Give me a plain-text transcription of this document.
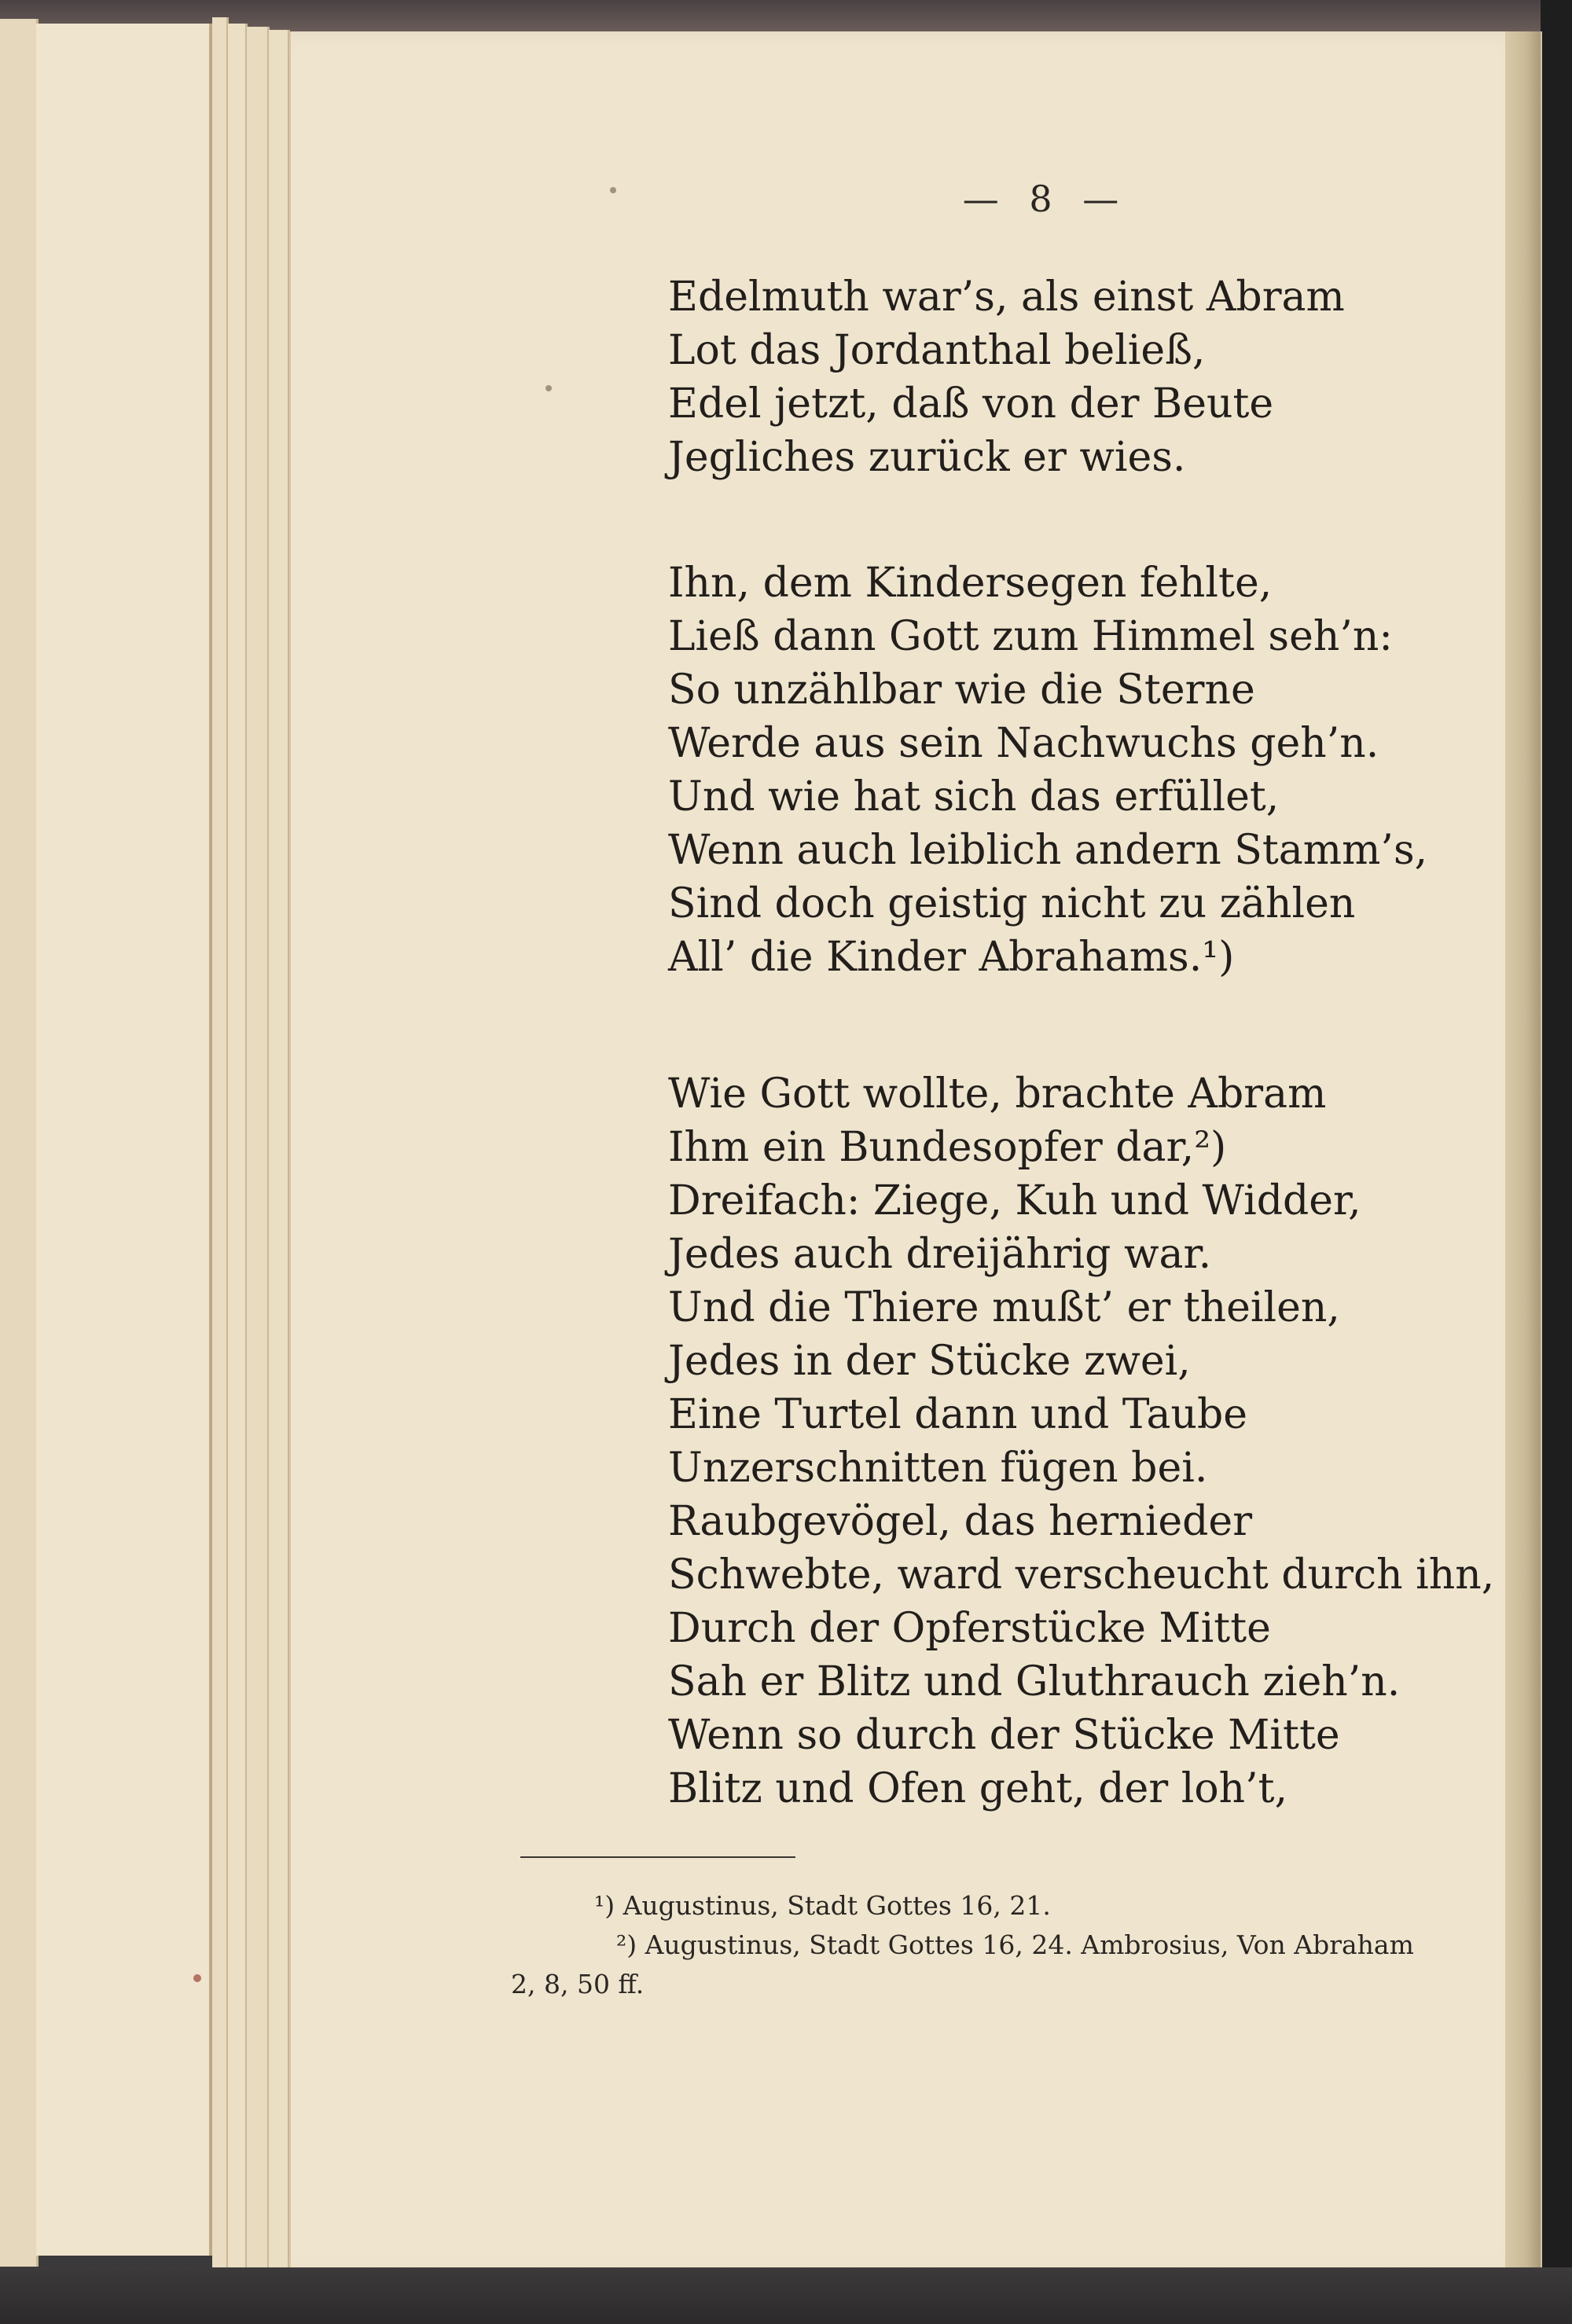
— 8 —
Edelmuth war’s, als einst Abram
Lot das Jordanthal beließ,
Edel jetzt, daß von der Beute
Jegliches zurück er wies.
Ihn, dem Kindersegen fehlte,
Ließ dann Gott zum Himmel seh’n:
So unzählbar wie die Sterne
Werde aus sein Nachwuchs geh’n.
Und wie hat sich das erfüllet,
Wenn auch leiblich andern Stamm’s,
Sind doch geistig nicht zu zählen
All’ die Kinder Abrahams.¹)
Wie Gott wollte, brachte Abram
Ihm ein Bundesopfer dar,²)
Dreifach: Ziege, Kuh und Widder,
Jedes auch dreijährig war.
Und die Thiere mußt’ er theilen,
Jedes in der Stücke zwei,
Eine Turtel dann und Taube
Unzerschnitten fügen bei.
Raubgevögel, das hernieder
Schwebte, ward verscheucht durch ihn,
Durch der Opferstücke Mitte
Sah er Blitz und Gluthrauch zieh’n.
Wenn so durch der Stücke Mitte
Blitz und Ofen geht, der loh’t,
¹) Augustinus, Stadt Gottes 16, 21.
²) Augustinus, Stadt Gottes 16, 24. Ambrosius, Von Abraham
2, 8, 50 ff.
